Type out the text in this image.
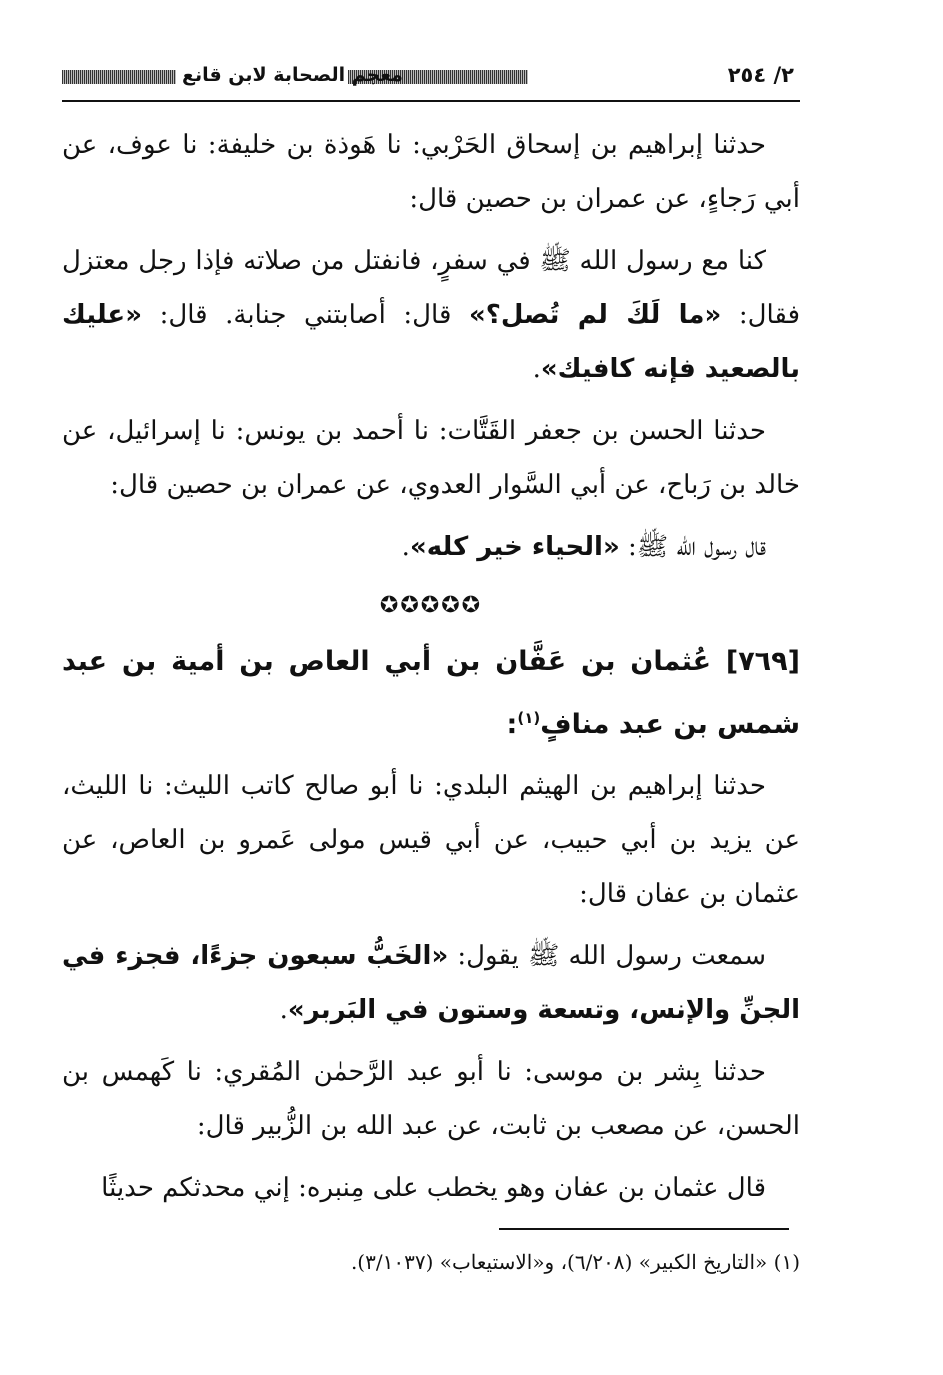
٢/ ٢٥٤
معجم الصحابة لابن قانع

حدثنا إبراهيم بن إسحاق الحَرْبي: نا هَوذة بن خليفة: نا عوف، عن أبي رَجاءٍ، عن عمران بن حصين قال:

كنا مع رسول الله ﷺ في سفرٍ، فانفتل من صلاته فإذا رجل معتزل فقال: «ما لَكَ لم تُصل؟» قال: أصابتني جنابة. قال: «عليك بالصعيد فإنه كافيك».

حدثنا الحسن بن جعفر القَتَّات: نا أحمد بن يونس: نا إسرائيل، عن خالد بن رَباح، عن أبي السَّوار العدوي، عن عمران بن حصين قال:

قال رسول الله ﷺ: «الحياء خير كله».

✪✪✪✪✪

[٧٦٩] عُثمان بن عَفَّان بن أبي العاص بن أمية بن عبد شمس بن عبد منافٍ$^{(١)}$:

حدثنا إبراهيم بن الهيثم البلدي: نا أبو صالح كاتب الليث: نا الليث، عن يزيد بن أبي حبيب، عن أبي قيس مولى عَمرو بن العاص، عن عثمان بن عفان قال:

سمعت رسول الله ﷺ يقول: «الخَبُّ سبعون جزءًا، فجزء في الجنِّ والإنس، وتسعة وستون في البَربر».

حدثنا بِشر بن موسى: نا أبو عبد الرَّحمٰن المُقري: نا كَهمس بن الحسن، عن مصعب بن ثابت، عن عبد الله بن الزُّبير قال:

قال عثمان بن عفان وهو يخطب على مِنبره: إني محدثكم حديثًا

(١) «التاريخ الكبير» (٦/٢٠٨)، و«الاستيعاب» (٣/١٠٣٧).
